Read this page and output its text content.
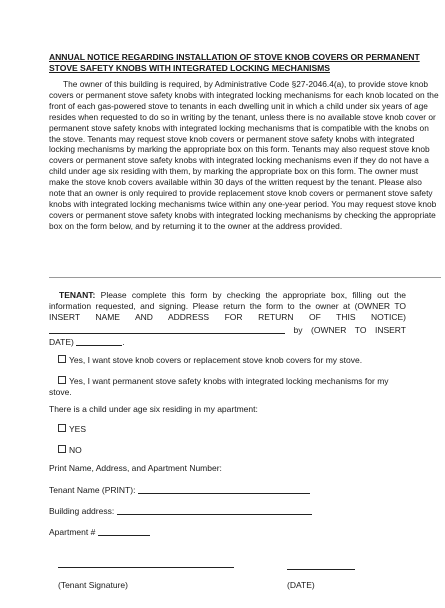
ANNUAL NOTICE REGARDING INSTALLATION OF STOVE KNOB COVERS OR PERMANENT STOVE SAFETY KNOBS WITH INTEGRATED LOCKING MECHANISMS

The owner of this building is required, by Administrative Code §27-2046.4(a), to provide stove knob covers or permanent stove safety knobs with integrated locking mechanisms for each knob located on the front of each gas-powered stove to tenants in each dwelling unit in which a child under six years of age resides when requested to do so in writing by the tenant, unless there is no available stove knob cover or permanent stove safety knobs with integrated locking mechanisms that is compatible with the knobs on the stove. Tenants may request stove knob covers or permanent stove safety knobs with integrated locking mechanisms by marking the appropriate box on this form. Tenants may also request stove knob covers or permanent stove safety knobs with integrated locking mechanisms even if they do not have a child under age six residing with them, by marking the appropriate box on this form. The owner must make the stove knob covers available within 30 days of the written request by the tenant. Please also note that an owner is only required to provide replacement stove knob covers or permanent stove safety knobs with integrated locking mechanisms twice within any one-year period. You may request stove knob covers or permanent stove safety knobs with integrated locking mechanisms by checking the appropriate box on the form below, and by returning it to the owner at the address provided.

TENANT: Please complete this form by checking the appropriate box, filling out the information requested, and signing. Please return the form to the owner at (OWNER TO INSERT NAME AND ADDRESS FOR RETURN OF THIS NOTICE)  by (OWNER TO INSERT DATE)	.
Yes, I want stove knob covers or replacement stove knob covers for my stove.
Yes, I want permanent stove safety knobs with integrated locking mechanisms for my
stove.
There is a child under age six residing in my apartment:
YES
NO
Print Name, Address, and Apartment Number:
Tenant Name (PRINT):
Building address:
Apartment #
(Tenant Signature)	(DATE)
